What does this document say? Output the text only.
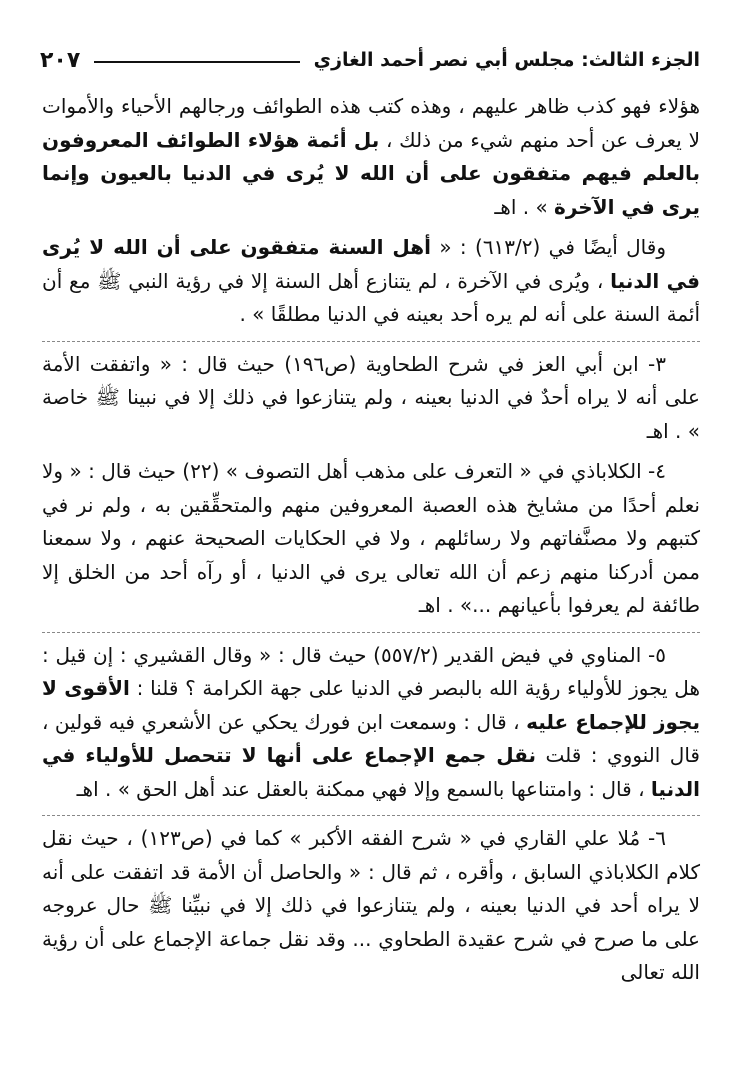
الجزء الثالث: مجلس أبي نصر أحمد الغازي
٢٠٧

هؤلاء فهو كذب ظاهر عليهم ، وهذه كتب هذه الطوائف ورجالهم الأحياء والأموات لا يعرف عن أحد منهم شيء من ذلك ، بل أئمة هؤلاء الطوائف المعروفون بالعلم فيهم متفقون على أن الله لا يُرى في الدنيا بالعيون وإنما يرى في الآخرة » . اهـ

وقال أيضًا في (٦١٣/٢) : « أهل السنة متفقون على أن الله لا يُرى في الدنيا ، ويُرى في الآخرة ، لم يتنازع أهل السنة إلا في رؤية النبي ﷺ مع أن أئمة السنة على أنه لم يره أحد بعينه في الدنيا مطلقًا » .

٣- ابن أبي العز في شرح الطحاوية (ص١٩٦) حيث قال : « واتفقت الأمة على أنه لا يراه أحدٌ في الدنيا بعينه ، ولم يتنازعوا في ذلك إلا في نبينا ﷺ خاصة » . اهـ

٤- الكلاباذي في « التعرف على مذهب أهل التصوف » (٢٢) حيث قال : « ولا نعلم أحدًا من مشايخ هذه العصبة المعروفين منهم والمتحقِّقين به ، ولم نر في كتبهم ولا مصنَّفاتهم ولا رسائلهم ، ولا في الحكايات الصحيحة عنهم ، ولا سمعنا ممن أدركنا منهم زعم أن الله تعالى يرى في الدنيا ، أو رآه أحد من الخلق إلا طائفة لم يعرفوا بأعيانهم ...» . اهـ

٥- المناوي في فيض القدير (٥٥٧/٢) حيث قال : « وقال القشيري : إن قيل : هل يجوز للأولياء رؤية الله بالبصر في الدنيا على جهة الكرامة ؟ قلنا : الأقوى لا يجوز للإجماع عليه ، قال : وسمعت ابن فورك يحكي عن الأشعري فيه قولين ، قال النووي : قلت نقل جمع الإجماع على أنها لا تتحصل للأولياء في الدنيا ، قال : وامتناعها بالسمع وإلا فهي ممكنة بالعقل عند أهل الحق » . اهـ

٦- مُلا علي القاري في « شرح الفقه الأكبر » كما في (ص١٢٣) ، حيث نقل كلام الكلاباذي السابق ، وأقره ، ثم قال : « والحاصل أن الأمة قد اتفقت على أنه لا يراه أحد في الدنيا بعينه ، ولم يتنازعوا في ذلك إلا في نبيِّنا ﷺ حال عروجه على ما صرح في شرح عقيدة الطحاوي ... وقد نقل جماعة الإجماع على أن رؤية الله تعالى
